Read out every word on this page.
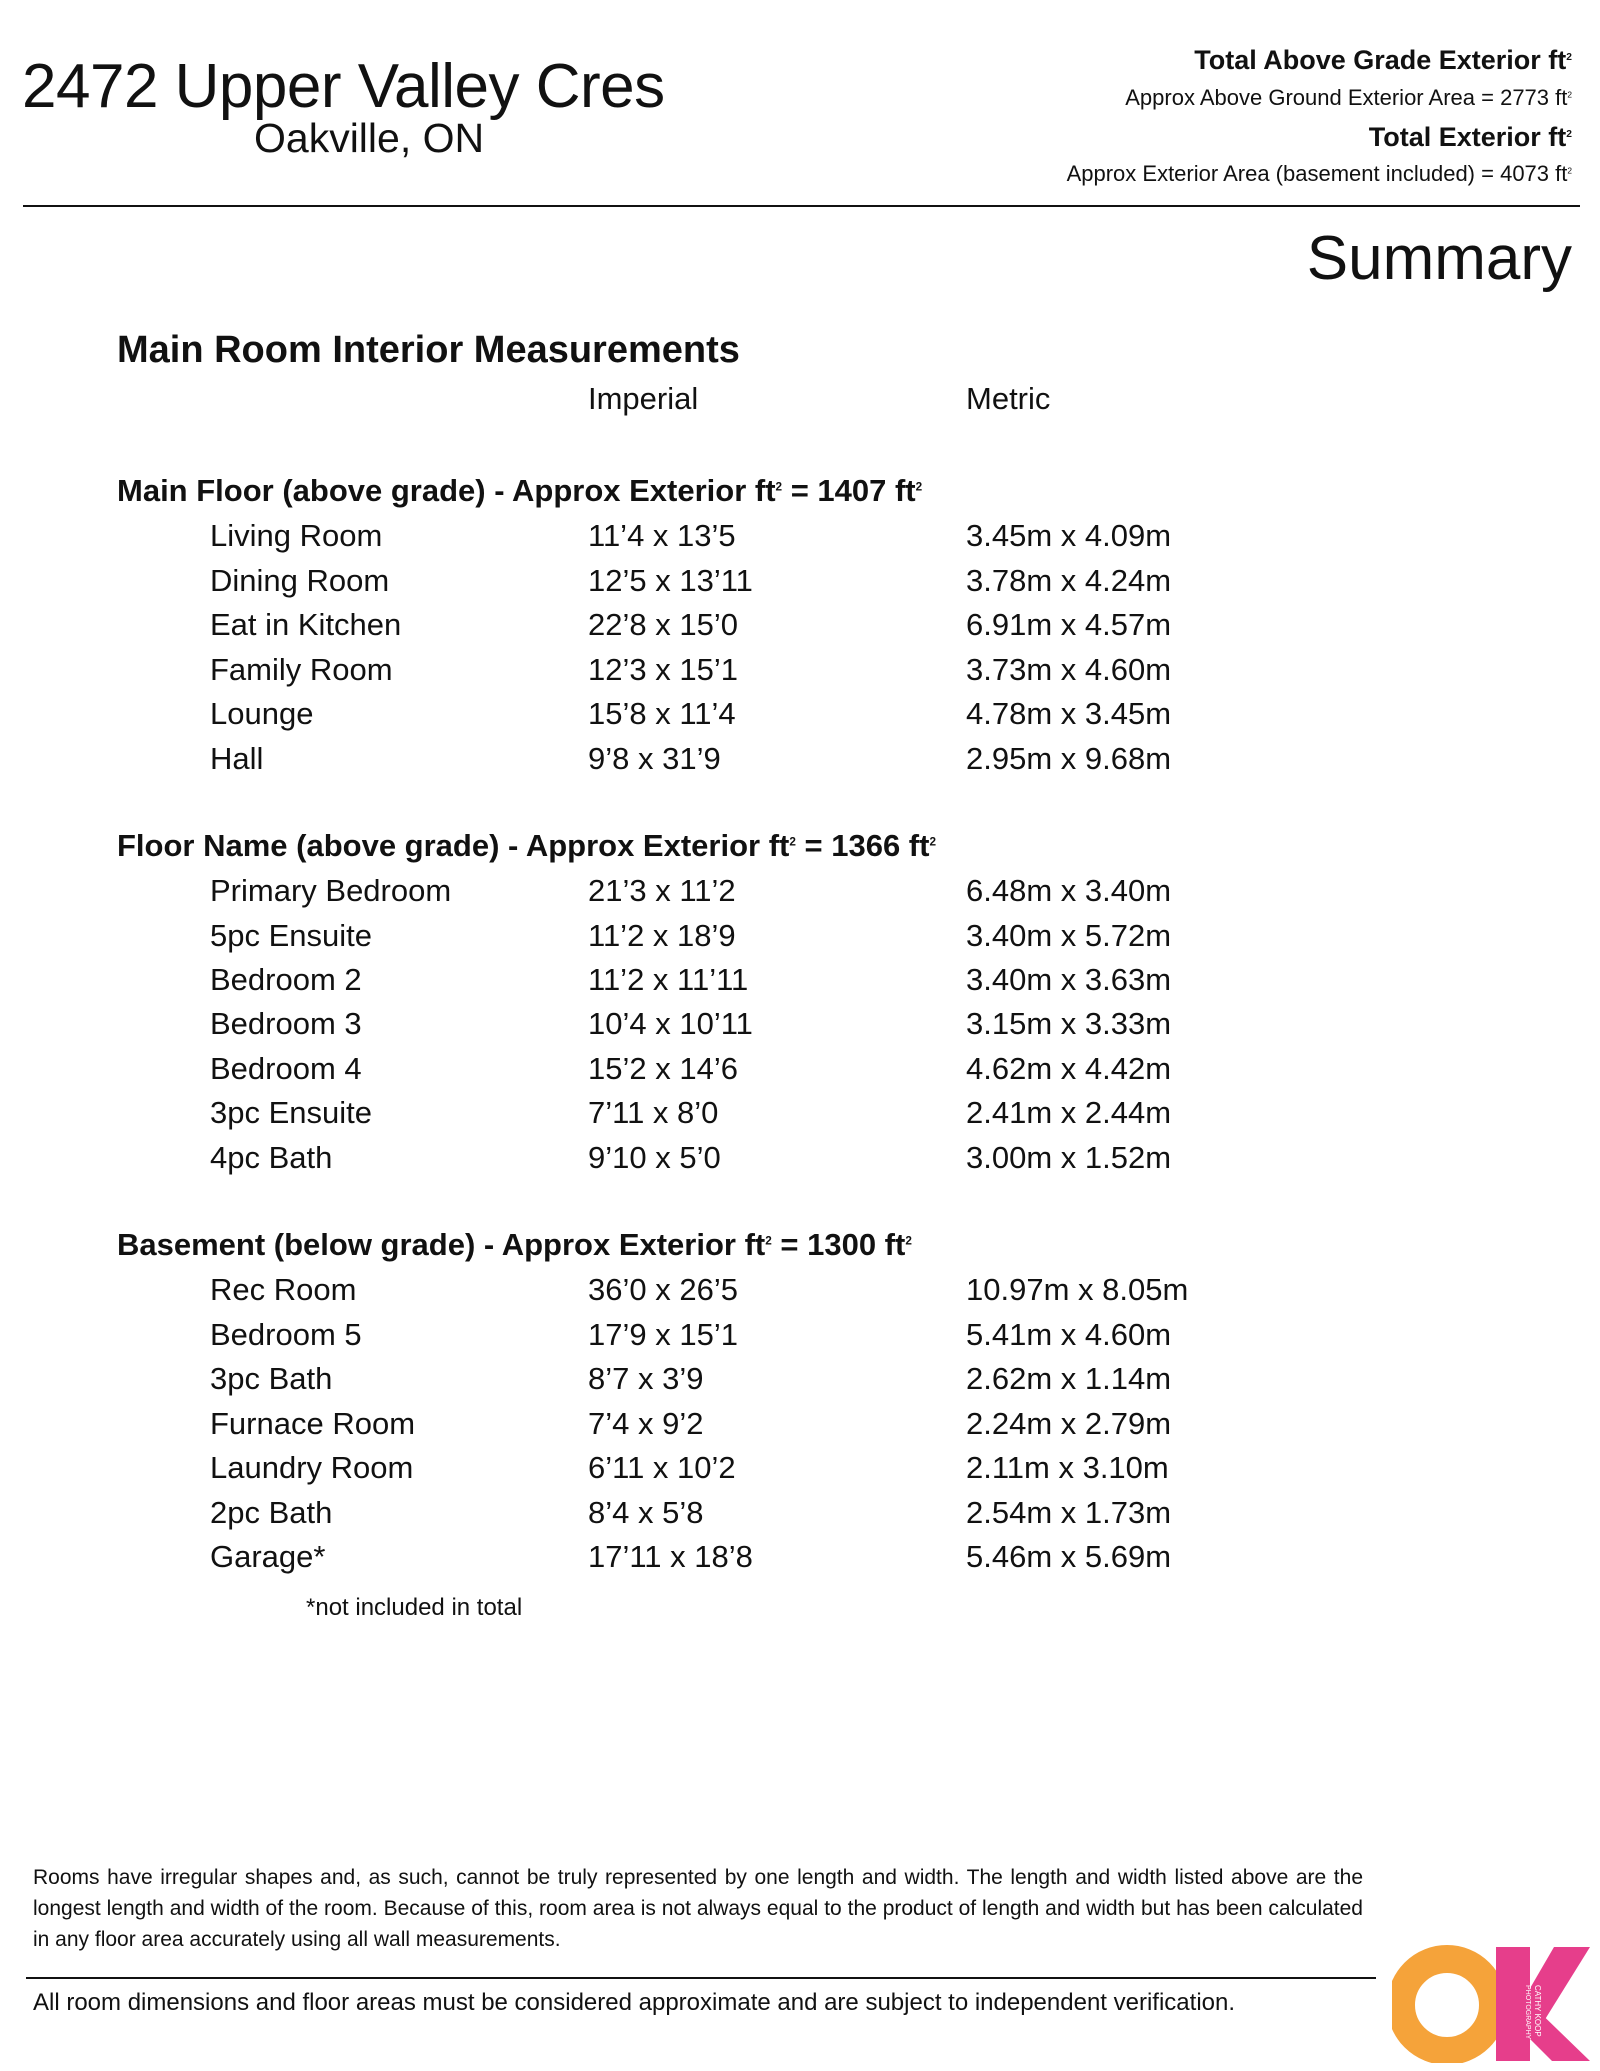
2472 Upper Valley Cres
Oakville, ON
Total Above Grade Exterior $ft^2$
Approx Above Ground Exterior Area = 2773 $ft^2$
Total Exterior $ft^2$
Approx Exterior Area (basement included) = 4073 $ft^2$
Summary
Main Room Interior Measurements
Imperial	Metric
Main Floor (above grade) - Approx Exterior $ft^2 = 1407$ $ft^2$
Living Room	11’4 x 13’5	3.45m x 4.09m
Dining Room	12’5 x 13’11	3.78m x 4.24m
Eat in Kitchen	22’8 x 15’0	6.91m x 4.57m
Family Room	12’3 x 15’1	3.73m x 4.60m
Lounge	15’8 x 11’4	4.78m x 3.45m
Hall	9’8 x 31’9	2.95m x 9.68m
Floor Name (above grade) - Approx Exterior $ft^2 = 1366$ $ft^2$
Primary Bedroom	21’3 x 11’2	6.48m x 3.40m
5pc Ensuite	11’2 x 18’9	3.40m x 5.72m
Bedroom 2	11’2 x 11’11	3.40m x 3.63m
Bedroom 3	10’4 x 10’11	3.15m x 3.33m
Bedroom 4	15’2 x 14’6	4.62m x 4.42m
3pc Ensuite	7’11 x 8’0	2.41m x 2.44m
4pc Bath	9’10 x 5’0	3.00m x 1.52m
Basement (below grade) - Approx Exterior $ft^2 = 1300$ $ft^2$
Rec Room	36’0 x 26’5	10.97m x 8.05m
Bedroom 5	17’9 x 15’1	5.41m x 4.60m
3pc Bath	8’7 x 3’9	2.62m x 1.14m
Furnace Room	7’4 x 9’2	2.24m x 2.79m
Laundry Room	6’11 x 10’2	2.11m x 3.10m
2pc Bath	8’4 x 5’8	2.54m x 1.73m
Garage*	17’11 x 18’8	5.46m x 5.69m
*not included in total
Rooms have irregular shapes and, as such, cannot be truly represented by one length and width. The length and width listed above are the longest length and width of the room. Because of this, room area is not always equal to the product of length and width but has been calculated in any floor area accurately using all wall measurements.
All room dimensions and floor areas must be considered approximate and are subject to independent verification.	CATHY KOOP
PHOTOGRAPHY
